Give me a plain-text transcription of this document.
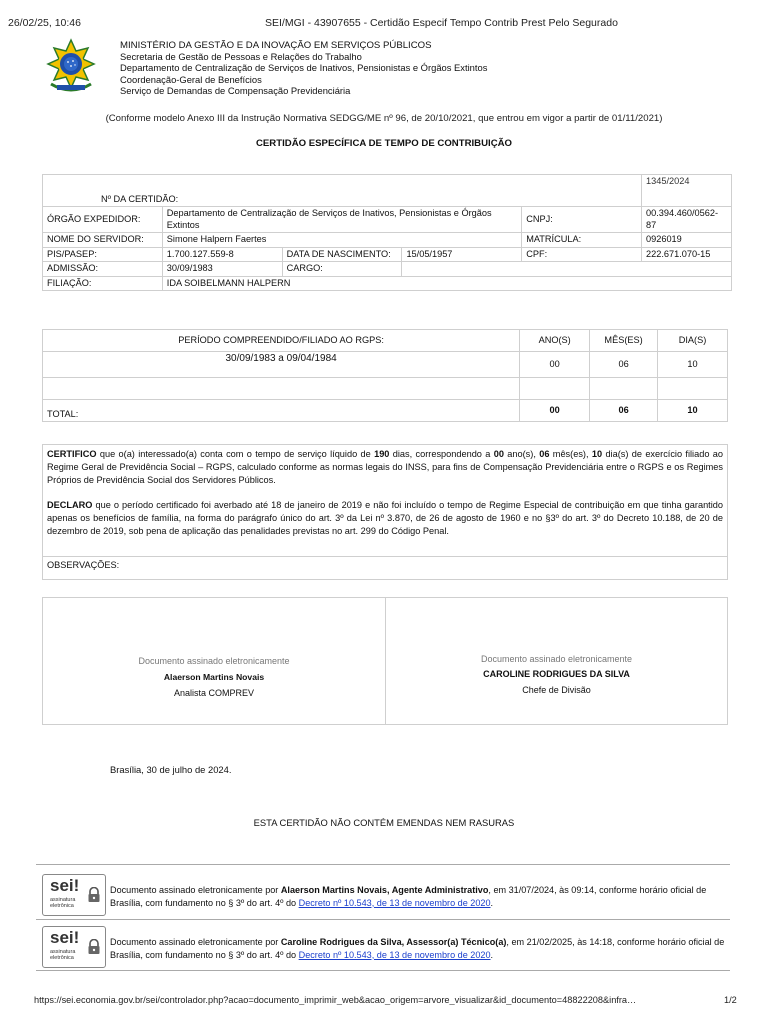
26/02/25, 10:46	SEI/MGI - 43907655 - Certidão Especif Tempo Contrib Prest Pelo Segurado
MINISTÉRIO DA GESTÃO E DA INOVAÇÃO EM SERVIÇOS PÚBLICOS
Secretaria de Gestão de Pessoas e Relações do Trabalho
Departamento de Centralização de Serviços de Inativos, Pensionistas e Órgãos Extintos
Coordenação-Geral de Benefícios
Serviço de Demandas de Compensação Previdenciária
(Conforme modelo Anexo III da Instrução Normativa SEDGG/ME nº 96, de 20/10/2021, que entrou em vigor a partir de 01/11/2021)
CERTIDÃO ESPECÍFICA DE TEMPO DE CONTRIBUIÇÃO
Nº DA CERTIDÃO:					1345/2024
ÓRGÃO EXPEDIDOR:	Departamento de Centralização de Serviços de Inativos, Pensionistas e Órgãos Extintos			CNPJ:	00.394.460/0562-87
NOME DO SERVIDOR:	Simone Halpern Faertes			MATRÍCULA:	0926019
PIS/PASEP:	1.700.127.559-8	DATA DE NASCIMENTO:	15/05/1957	CPF:	222.671.070-15
ADMISSÃO:	30/09/1983	CARGO:			
FILIAÇÃO:	IDA SOIBELMANN HALPERN				
PERÍODO COMPREENDIDO/FILIADO AO RGPS:	ANO(S)	MÊS(ES)	DIA(S)
30/09/1983 a 09/04/1984	00	06	10

TOTAL:	00	06	10

CERTIFICO que o(a) interessado(a) conta com o tempo de serviço líquido de 190 dias, correspondendo a 00 ano(s), 06 mês(es), 10 dia(s) de exercício filiado ao Regime Geral de Previdência Social – RGPS, calculado conforme as normas legais do INSS, para fins de Compensação Previdenciária entre o RGPS e os Regimes Próprios de Previdência Social dos Servidores Públicos.

DECLARO que o período certificado foi averbado até 18 de janeiro de 2019 e não foi incluído o tempo de Regime Especial de contribuição em que tinha garantido apenas os benefícios de família, na forma do parágrafo único do art. 3º da Lei nº 3.870, de 26 de agosto de 1960 e no §3º do art. 3º do Decreto 10.188, de 20 de dezembro de 2019, sob pena de aplicação das penalidades previstas no art. 299 do Código Penal.

OBSERVAÇÕES:
Documento assinado eletronicamente
Alaerson Martins Novais
Analista COMPREV
Documento assinado eletronicamente
CAROLINE RODRIGUES DA SILVA
Chefe de Divisão
Brasília, 30 de julho de 2024.
ESTA CERTIDÃO NÃO CONTÉM EMENDAS NEM RASURAS
sei!
assinatura
eletrônica
Documento assinado eletronicamente por Alaerson Martins Novais, Agente Administrativo, em 31/07/2024, às 09:14, conforme horário oficial de Brasília, com fundamento no § 3º do art. 4º do Decreto nº 10.543, de 13 de novembro de 2020.
sei!
assinatura
eletrônica
Documento assinado eletronicamente por Caroline Rodrigues da Silva, Assessor(a) Técnico(a), em 21/02/2025, às 14:18, conforme horário oficial de Brasília, com fundamento no § 3º do art. 4º do Decreto nº 10.543, de 13 de novembro de 2020.
https://sei.economia.gov.br/sei/controlador.php?acao=documento_imprimir_web&acao_origem=arvore_visualizar&id_documento=48822208&infra…	1/2
